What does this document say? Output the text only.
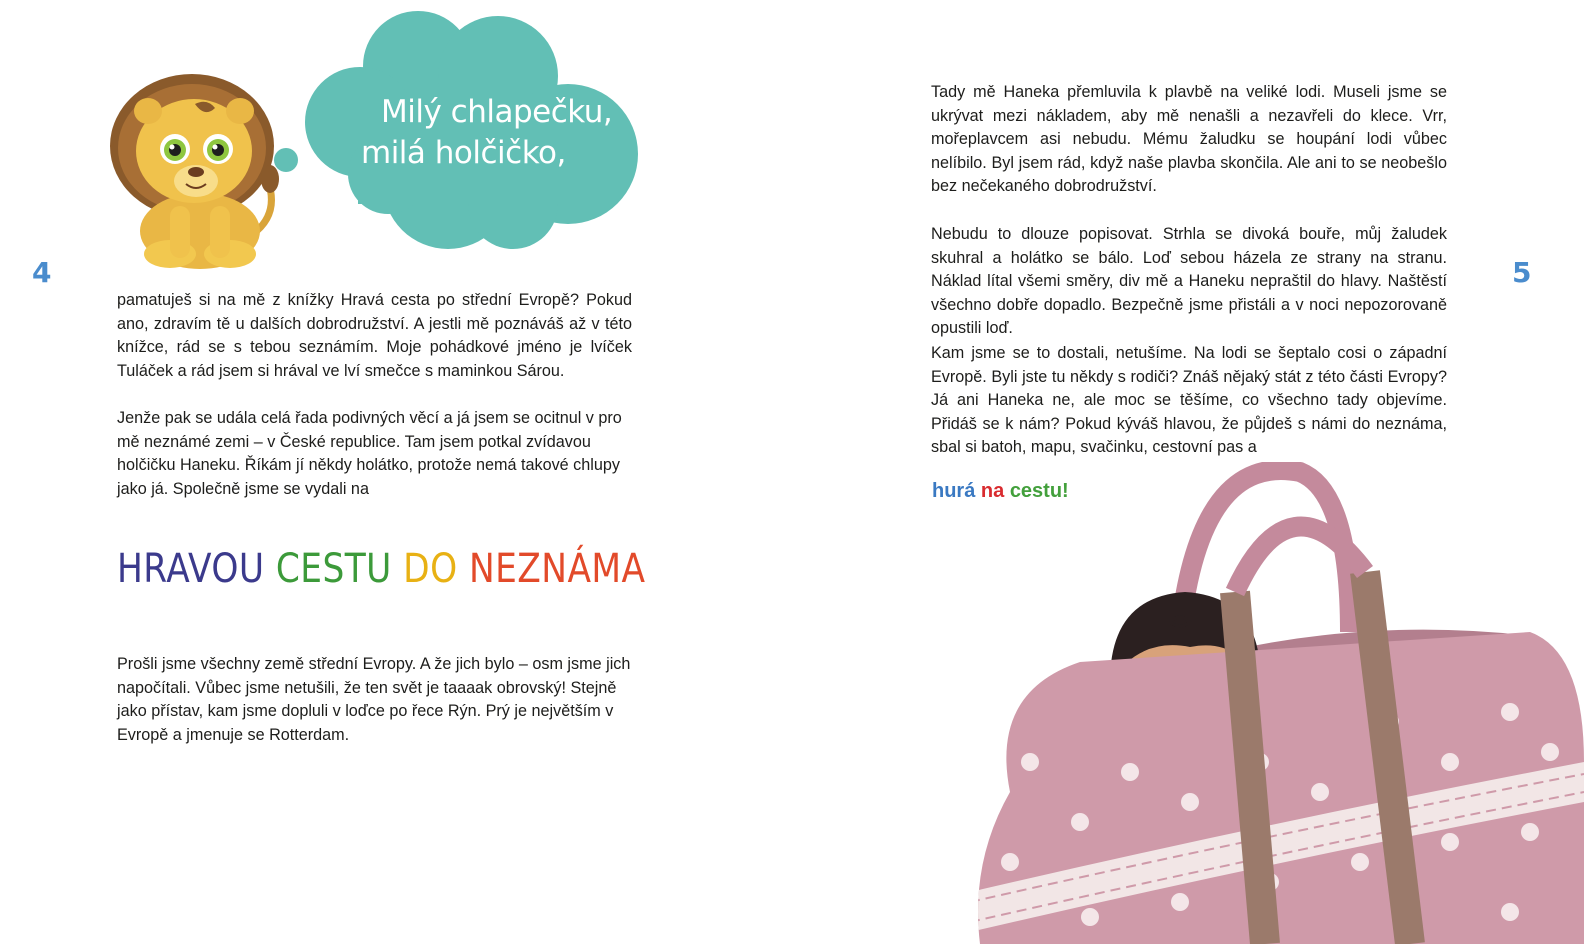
4	5
Milý chlapečku,
milá holčičko,

pamatuješ si na mě z knížky Hravá cesta po střední Evropě? Pokud ano, zdravím tě u dalších dobrodružství. A jestli mě poznáváš až v této knížce, rád se s tebou seznámím. Moje pohádkové jméno je lvíček Tuláček a rád jsem si hrával ve lví smečce s maminkou Sárou.

Jenže pak se udála celá řada podivných věcí a já jsem se ocitnul v pro mě neznámé zemi – v České republice. Tam jsem potkal zvídavou holčičku Haneku. Říkám jí někdy holátko, protože nemá takové chlupy jako já. Společně jsme se vydali na

HRAVOU CESTU DO NEZNÁMA

Prošli jsme všechny země střední Evropy. A že jich bylo – osm jsme jich napočítali. Vůbec jsme netušili, že ten svět je taaaak obrovský! Stejně jako přístav, kam jsme dopluli v loďce po řece Rýn. Prý je největším v Evropě a jmenuje se Rotterdam.

Tady mě Haneka přemluvila k plavbě na veliké lodi. Museli jsme se ukrývat mezi nákladem, aby mě nenašli a nezavřeli do klece. Vrr, mořeplavcem asi nebudu. Mému žaludku se houpání lodi vůbec nelíbilo. Byl jsem rád, když naše plavba skončila. Ale ani to se neobešlo bez nečekaného dobrodružství.

Nebudu to dlouze popisovat. Strhla se divoká bouře, můj žaludek skuhral a holátko se bálo. Loď sebou házela ze strany na stranu. Náklad lítal všemi směry, div mě a Haneku nepraštil do hlavy. Naštěstí všechno dobře dopadlo. Bezpečně jsme přistáli a v noci nepozorovaně opustili loď.

Kam jsme se to dostali, netušíme. Na lodi se šeptalo cosi o západní Evropě. Byli jste tu někdy s rodiči? Znáš nějaký stát z této části Evropy? Já ani Haneka ne, ale moc se těšíme, co všechno tady objevíme. Přidáš se k nám? Pokud kýváš hlavou, že půjdeš s námi do neznáma, sbal si batoh, mapu, svačinku, cestovní pas a

hurá na cestu!
